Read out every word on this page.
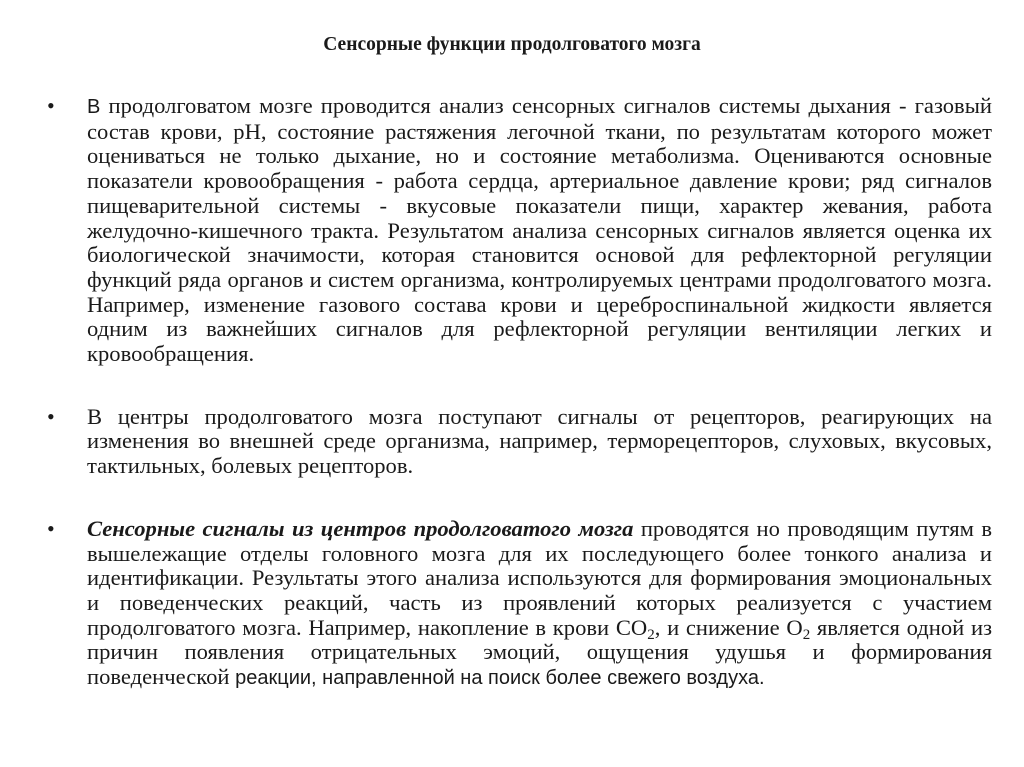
Сенсорные функции продолговатого мозга
• В продолговатом мозге проводится анализ сенсорных сигналов системы дыхания - газовый состав крови, pH, состояние растяжения легочной ткани, по результатам которого может оцениваться не только дыхание, но и состояние метаболизма. Оцениваются основные показатели кровообращения - работа сердца, артериальное давление крови; ряд сигналов пищеварительной системы - вкусовые показатели пищи, характер жевания, работа желудочно-кишечного тракта. Результатом анализа сенсорных сигналов является оценка их биологической значимости, которая становится основой для рефлекторной регуляции функций ряда органов и систем организма, контролируемых центрами продолговатого мозга. Например, изменение газового состава крови и цереброспинальной жидкости является одним из важнейших сигналов для рефлекторной регуляции вентиляции легких и кровообращения.
• В центры продолговатого мозга поступают сигналы от рецепторов, реагирующих на изменения во внешней среде организма, например, терморецепторов, слуховых, вкусовых, тактильных, болевых рецепторов.
• Сенсорные сигналы из центров продолговатого мозга проводятся но проводящим путям в вышележащие отделы головного мозга для их последующего более тонкого анализа и идентификации. Результаты этого анализа используются для формирования эмоциональных и поведенческих реакций, часть из проявлений которых реализуется с участием продолговатого мозга. Например, накопление в крови $СО_2$, и снижение $О_2$ является одной из причин появления отрицательных эмоций, ощущения удушья и формирования поведенческой реакции, направленной на поиск более свежего воздуха.
